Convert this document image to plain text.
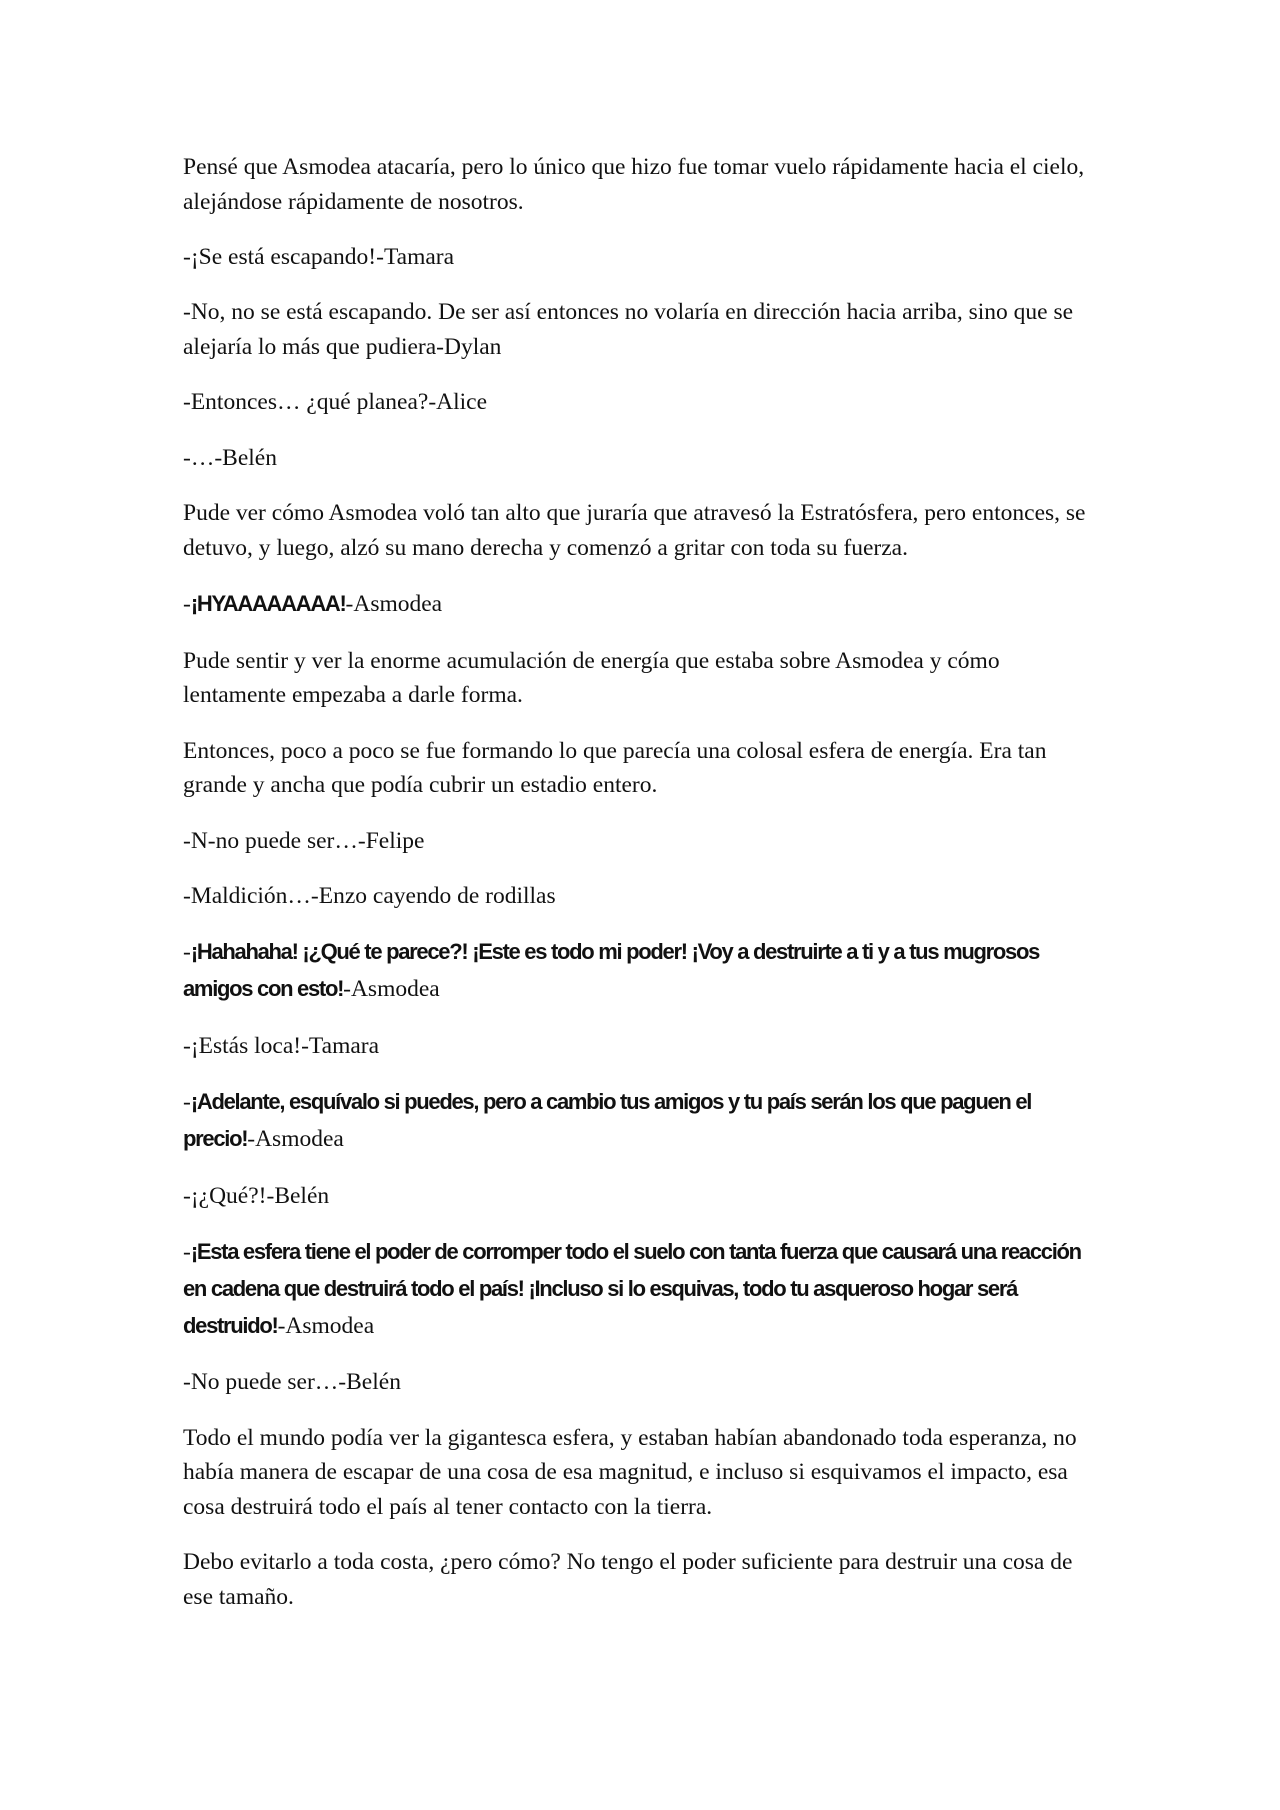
Pensé que Asmodea atacaría, pero lo único que hizo fue tomar vuelo rápidamente hacia el cielo, alejándose rápidamente de nosotros.

-¡Se está escapando!-Tamara

-No, no se está escapando. De ser así entonces no volaría en dirección hacia arriba, sino que se alejaría lo más que pudiera-Dylan

-Entonces… ¿qué planea?-Alice

-…-Belén

Pude ver cómo Asmodea voló tan alto que juraría que atravesó la Estratósfera, pero entonces, se detuvo, y luego, alzó su mano derecha y comenzó a gritar con toda su fuerza.

-¡HYAAAAAAAA!-Asmodea

Pude sentir y ver la enorme acumulación de energía que estaba sobre Asmodea y cómo lentamente empezaba a darle forma.

Entonces, poco a poco se fue formando lo que parecía una colosal esfera de energía. Era tan grande y ancha que podía cubrir un estadio entero.

-N-no puede ser…-Felipe

-Maldición…-Enzo cayendo de rodillas

-¡Hahahaha! ¡¿Qué te parece?! ¡Este es todo mi poder! ¡Voy a destruirte a ti y a tus mugrosos amigos con esto!-Asmodea

-¡Estás loca!-Tamara

-¡Adelante, esquívalo si puedes, pero a cambio tus amigos y tu país serán los que paguen el precio!-Asmodea

-¡¿Qué?!-Belén

-¡Esta esfera tiene el poder de corromper todo el suelo con tanta fuerza que causará una reacción en cadena que destruirá todo el país! ¡Incluso si lo esquivas, todo tu asqueroso hogar será destruido!-Asmodea

-No puede ser…-Belén

Todo el mundo podía ver la gigantesca esfera, y estaban habían abandonado toda esperanza, no había manera de escapar de una cosa de esa magnitud, e incluso si esquivamos el impacto, esa cosa destruirá todo el país al tener contacto con la tierra.

Debo evitarlo a toda costa, ¿pero cómo? No tengo el poder suficiente para destruir una cosa de ese tamaño.
